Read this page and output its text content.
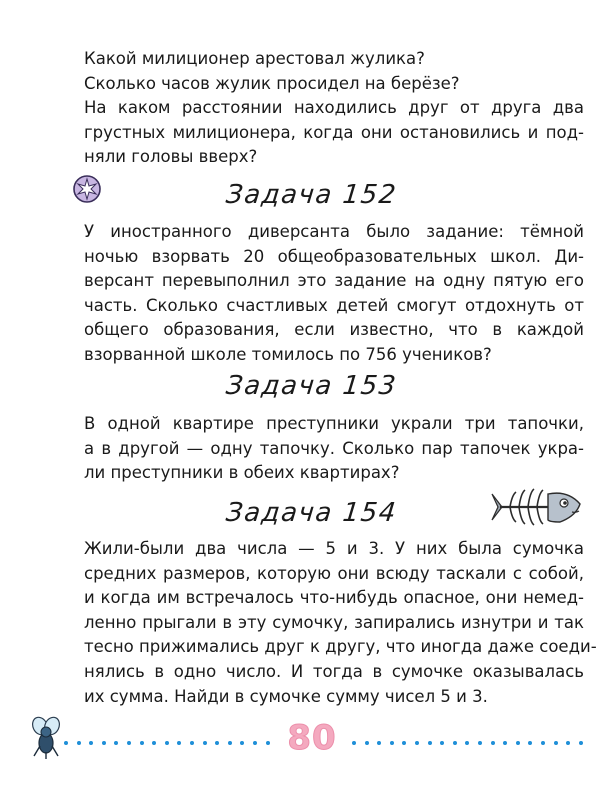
Какой милиционер арестовал жулика?
Сколько часов жулик просидел на берёзе?
На каком расстоянии находились друг от друга два
грустных милиционера, когда они остановились и под-
няли головы вверх?
Задача 152
У иностранного диверсанта было задание: тёмной
ночью взорвать 20 общеобразовательных школ. Ди-
версант перевыполнил это задание на одну пятую его
часть. Сколько счастливых детей смогут отдохнуть от
общего образования, если известно, что в каждой
взорванной школе томилось по 756 учеников?
Задача 153
В одной квартире преступники украли три тапочки,
а в другой — одну тапочку. Сколько пар тапочек укра-
ли преступники в обеих квартирах?
Задача 154
Жили-были два числа — 5 и 3. У них была сумочка
средних размеров, которую они всюду таскали с собой,
и когда им встречалось что-нибудь опасное, они немед-
ленно прыгали в эту сумочку, запирались изнутри и так
тесно прижимались друг к другу, что иногда даже соеди-
нялись в одно число. И тогда в сумочке оказывалась
их сумма. Найди в сумочке сумму чисел 5 и 3.
80
